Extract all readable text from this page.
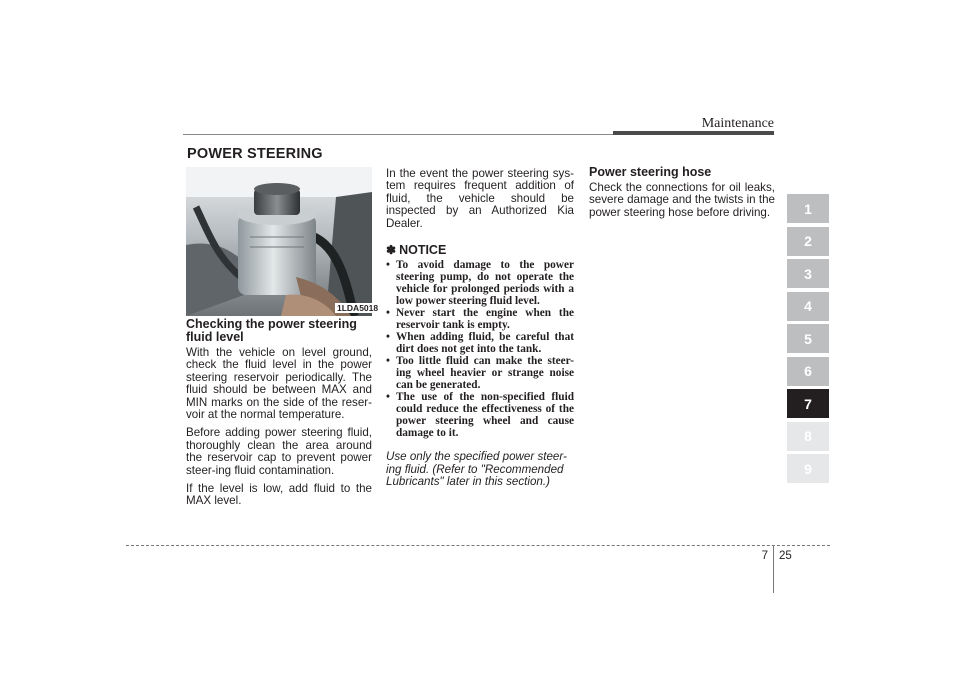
Maintenance
POWER STEERING
1LDA5018
Checking the power steering fluid level

With the vehicle on level ground, check the fluid level in the power steering reservoir periodically. The fluid should be between MAX and MIN marks on the side of the reser-voir at the normal temperature.

Before adding power steering fluid, thoroughly clean the area around the reservoir cap to prevent power steer-ing fluid contamination.

If the level is low, add fluid to the MAX level.

In the event the power steering sys-tem requires frequent addition of fluid, the vehicle should be inspected by an Authorized Kia Dealer.

✽ NOTICE
• To avoid damage to the power steering pump, do not operate the vehicle for prolonged periods with a low power steering fluid level.
• Never start the engine when the reservoir tank is empty.
• When adding fluid, be careful that dirt does not get into the tank.
• Too little fluid can make the steer-ing wheel heavier or strange noise can be generated.
• The use of the non-specified fluid could reduce the effectiveness of the power steering wheel and cause damage to it.

Use only the specified power steer-ing fluid. (Refer to "Recommended Lubricants" later in this section.)

Power steering hose

Check the connections for oil leaks, severe damage and the twists in the power steering hose before driving.	1
2
3
4
5
6
7
8
9
7 25
